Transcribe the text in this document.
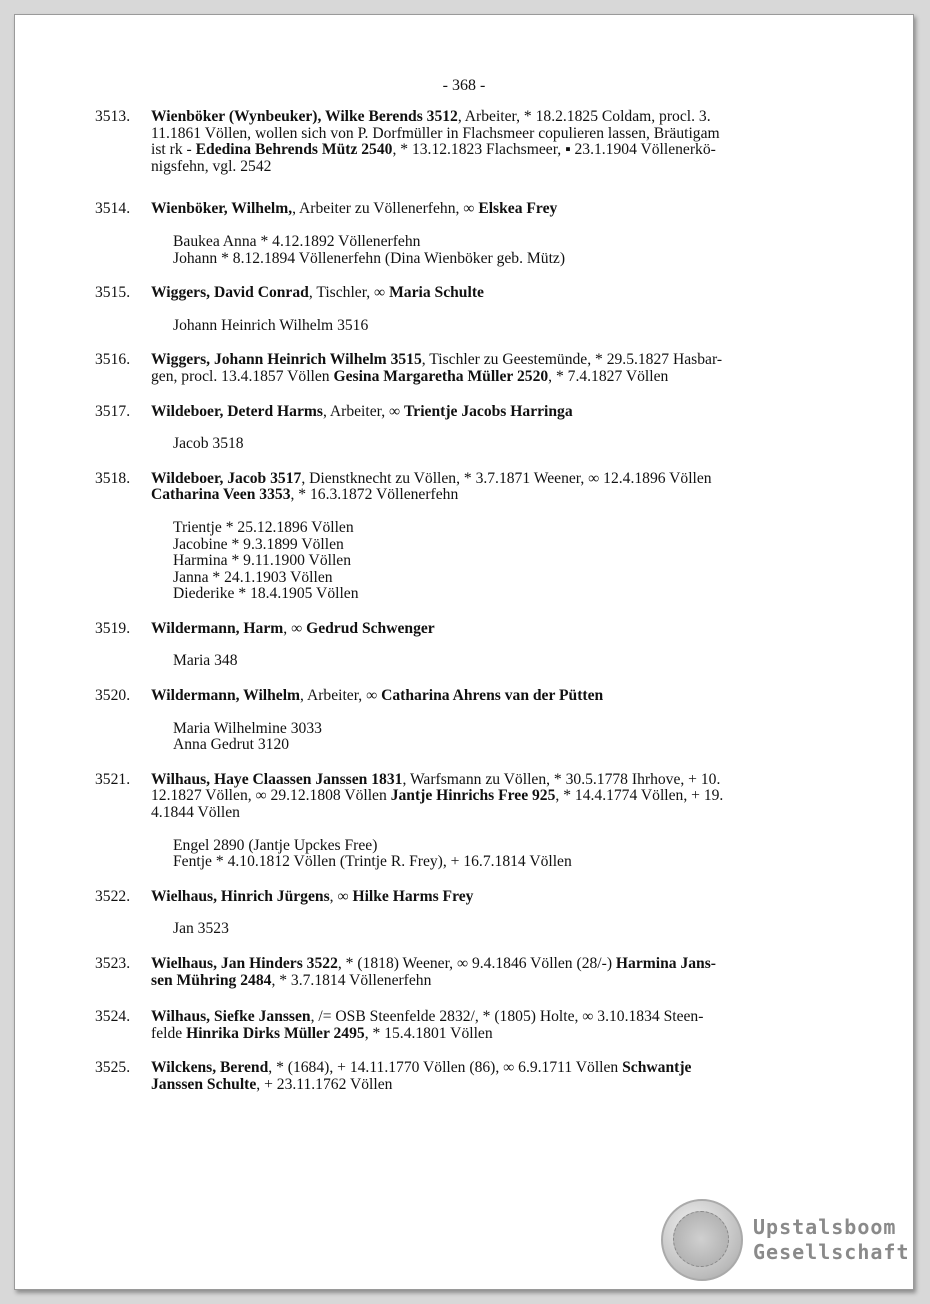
- 368 -
3513. Wienböker (Wynbeuker), Wilke Berends 3512, Arbeiter, * 18.2.1825 Coldam, procl. 3.
11.1861 Völlen, wollen sich von P. Dorfmüller in Flachsmeer copulieren lassen, Bräutigam
ist rk - Ededina Behrends Mütz 2540, * 13.12.1823 Flachsmeer, ▪ 23.1.1904 Völlenerkö-
nigsfehn, vgl. 2542
3514. Wienböker, Wilhelm,, Arbeiter zu Völlenerfehn, ∞ Elskea Frey
Baukea Anna * 4.12.1892 Völlenerfehn
Johann * 8.12.1894 Völlenerfehn (Dina Wienböker geb. Mütz)
3515. Wiggers, David Conrad, Tischler, ∞ Maria Schulte
Johann Heinrich Wilhelm 3516
3516. Wiggers, Johann Heinrich Wilhelm 3515, Tischler zu Geestemünde, * 29.5.1827 Hasbar-
gen, procl. 13.4.1857 Völlen Gesina Margaretha Müller 2520, * 7.4.1827 Völlen
3517. Wildeboer, Deterd Harms, Arbeiter, ∞ Trientje Jacobs Harringa
Jacob 3518
3518. Wildeboer, Jacob 3517, Dienstknecht zu Völlen, * 3.7.1871 Weener, ∞ 12.4.1896 Völlen
Catharina Veen 3353, * 16.3.1872 Völlenerfehn
Trientje * 25.12.1896 Völlen
Jacobine * 9.3.1899 Völlen
Harmina * 9.11.1900 Völlen
Janna * 24.1.1903 Völlen
Diederike * 18.4.1905 Völlen
3519. Wildermann, Harm, ∞ Gedrud Schwenger
Maria 348
3520. Wildermann, Wilhelm, Arbeiter, ∞ Catharina Ahrens van der Pütten
Maria Wilhelmine 3033
Anna Gedrut 3120
3521. Wilhaus, Haye Claassen Janssen 1831, Warfsmann zu Völlen, * 30.5.1778 Ihrhove, + 10.
12.1827 Völlen, ∞ 29.12.1808 Völlen Jantje Hinrichs Free 925, * 14.4.1774 Völlen, + 19.
4.1844 Völlen
Engel 2890 (Jantje Upckes Free)
Fentje * 4.10.1812 Völlen (Trintje R. Frey), + 16.7.1814 Völlen
3522. Wielhaus, Hinrich Jürgens, ∞ Hilke Harms Frey
Jan 3523
3523. Wielhaus, Jan Hinders 3522, * (1818) Weener, ∞ 9.4.1846 Völlen (28/-) Harmina Jans-
sen Mühring 2484, * 3.7.1814 Völlenerfehn
3524. Wilhaus, Siefke Janssen, /= OSB Steenfelde 2832/, * (1805) Holte, ∞ 3.10.1834 Steen-
felde Hinrika Dirks Müller 2495, * 15.4.1801 Völlen
3525. Wilckens, Berend, * (1684), + 14.11.1770 Völlen (86), ∞ 6.9.1711 Völlen Schwantje
Janssen Schulte, + 23.11.1762 Völlen
Upstalsboom
Gesellschaft
